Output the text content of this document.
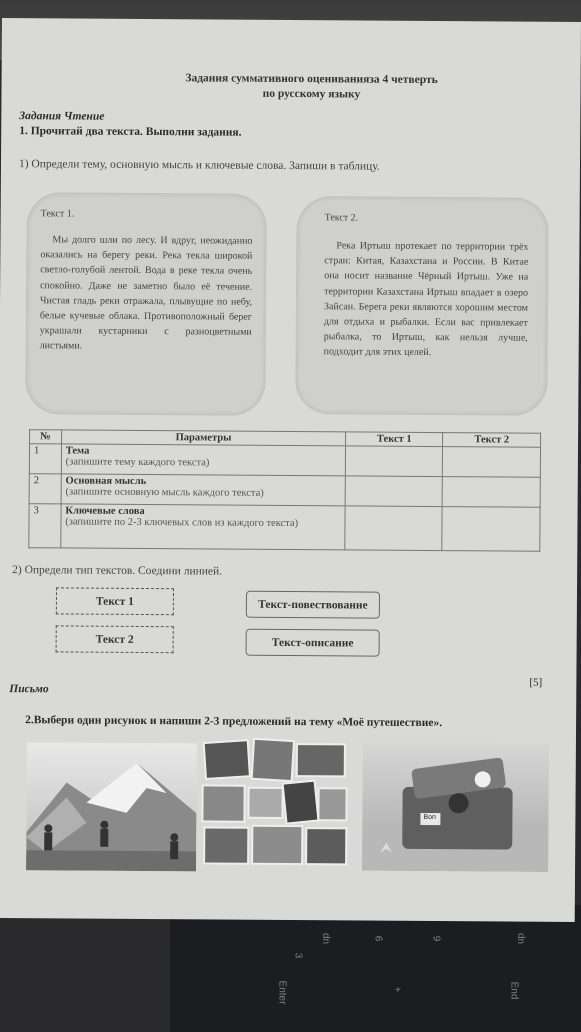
dn	6	9	dn
3
Enter	+	End
Задания суммативного оцениванияза 4 четверть
по русскому языку
Задания Чтение
1. Прочитай два текста. Выполни задания.
1) Определи тему, основную мысль и ключевые слова. Запиши в таблицу.
Текст 1.
Мы долго шли по лесу. И вдруг, неожиданно оказались на берегу реки. Река текла широкой светло-голубой лентой. Вода в реке текла очень спокойно. Даже не заметно было её течение. Чистая гладь реки отражала, плывущие по небу, белые кучевые облака. Противоположный берег украшали кустарники с разноцветными листьями.
Текст 2.
Река Иртыш протекает по территории трёх стран: Китая, Казахстана и России. В Китае она носит название Чёрный Иртыш. Уже на территории Казахстана Иртыш впадает в озеро Зайсан. Берега реки являются хорошим местом для отдыха и рыбалки. Если вас привлекает рыбалка, то Иртыш, как нельзя лучше, подходит для этих целей.
№	Параметры	Текст 1	Текст 2
1	Тема
(запишите тему каждого текста)		

2	Основная мысль
(запишите основную мысль каждого текста)		

3	Ключевые слова
(запишите по 2-3 ключевых слов из каждого текста)		

2) Определи тип текстов. Соедини линией.
Текст 1
Текст 2
Текст-повествование
Текст-описание
[5]
Письмо
2.Выбери один рисунок и напиши 2-3 предложений на тему «Моё путешествие».
Bon
